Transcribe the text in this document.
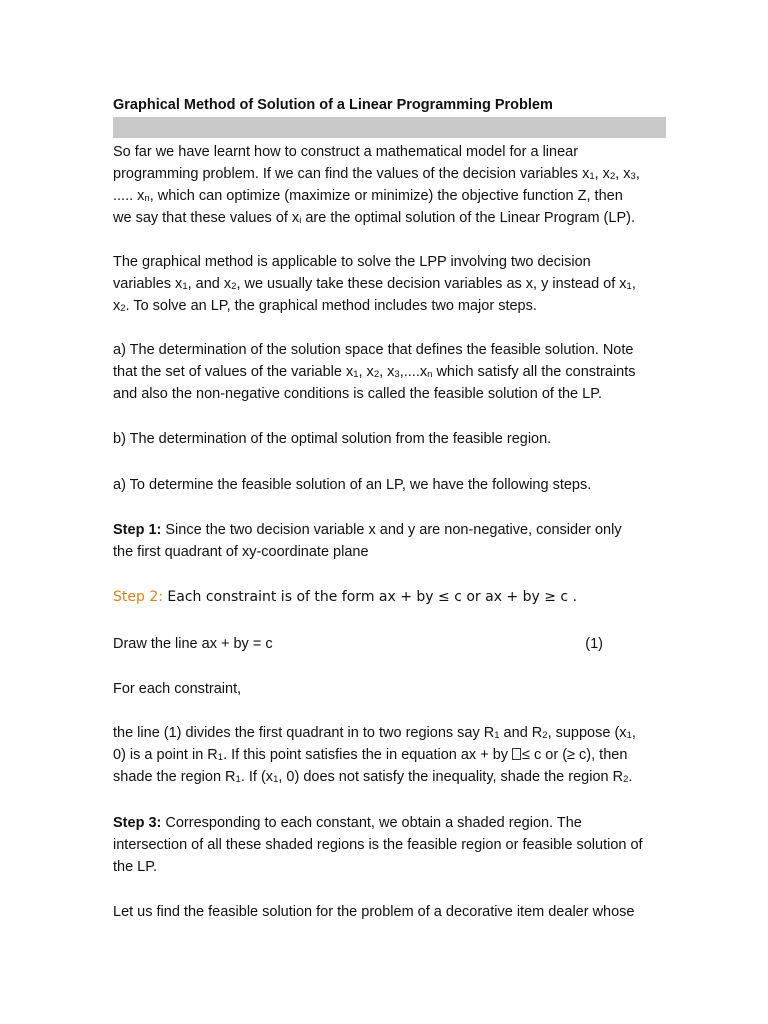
Graphical Method of Solution of a Linear Programming Problem

So far we have learnt how to construct a mathematical model for a linear
programming problem. If we can find the values of the decision variables $x_1$, $x_2$, $x_3$,
..... $x_n$, which can optimize (maximize or minimize) the objective function Z, then
we say that these values of $x_i$ are the optimal solution of the Linear Program (LP).

The graphical method is applicable to solve the LPP involving two decision
variables $x_1$, and $x_2$, we usually take these decision variables as x, y instead of $x_1$,
$x_2$. To solve an LP, the graphical method includes two major steps.

a) The determination of the solution space that defines the feasible solution. Note
that the set of values of the variable $x_1$, $x_2$, $x_3,....x_n$ which satisfy all the constraints
and also the non-negative conditions is called the feasible solution of the LP.

b) The determination of the optimal solution from the feasible region.

a) To determine the feasible solution of an LP, we have the following steps.

Step 1: Since the two decision variable x and y are non-negative, consider only
the first quadrant of xy-coordinate plane

Step 2: Each constraint is of the form ax + by ≤ c or ax + by ≥ c .

Draw the line ax + by = c	(1)

For each constraint,

the line (1) divides the first quadrant in to two regions say $R_1$ and $R_2$, suppose ($x_1$,
0) is a point in $R_1$. If this point satisfies the in equation ax + by ≤ c or (≥ c), then
shade the region $R_1$. If ($x_1$, 0) does not satisfy the inequality, shade the region $R_2$.

Step 3: Corresponding to each constant, we obtain a shaded region. The
intersection of all these shaded regions is the feasible region or feasible solution of
the LP.

Let us find the feasible solution for the problem of a decorative item dealer whose
